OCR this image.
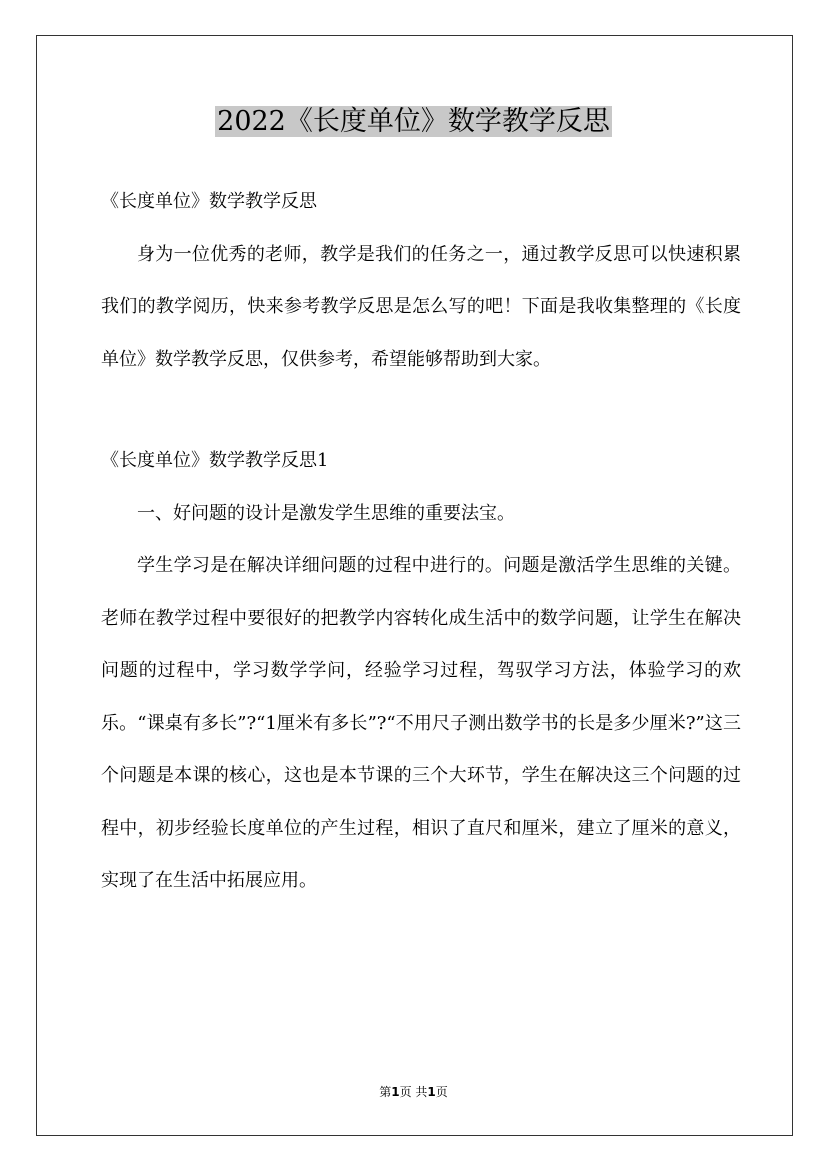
2022《长度单位》数学教学反思

《长度单位》数学教学反思

身为一位优秀的老师，教学是我们的任务之一，通过教学反思可以快速积累我们的教学阅历，快来参考教学反思是怎么写的吧！下面是我收集整理的《长度单位》数学教学反思，仅供参考，希望能够帮助到大家。

《长度单位》数学教学反思1

一、好问题的设计是激发学生思维的重要法宝。

学生学习是在解决详细问题的过程中进行的。问题是激活学生思维的关键。老师在教学过程中要很好的把教学内容转化成生活中的数学问题，让学生在解决问题的过程中，学习数学学问，经验学习过程，驾驭学习方法，体验学习的欢乐。“课桌有多长”?“1厘米有多长”?“不用尺子测出数学书的长是多少厘米?”这三个问题是本课的核心，这也是本节课的三个大环节，学生在解决这三个问题的过程中，初步经验长度单位的产生过程，相识了直尺和厘米，建立了厘米的意义，实现了在生活中拓展应用。

第1页 共1页
